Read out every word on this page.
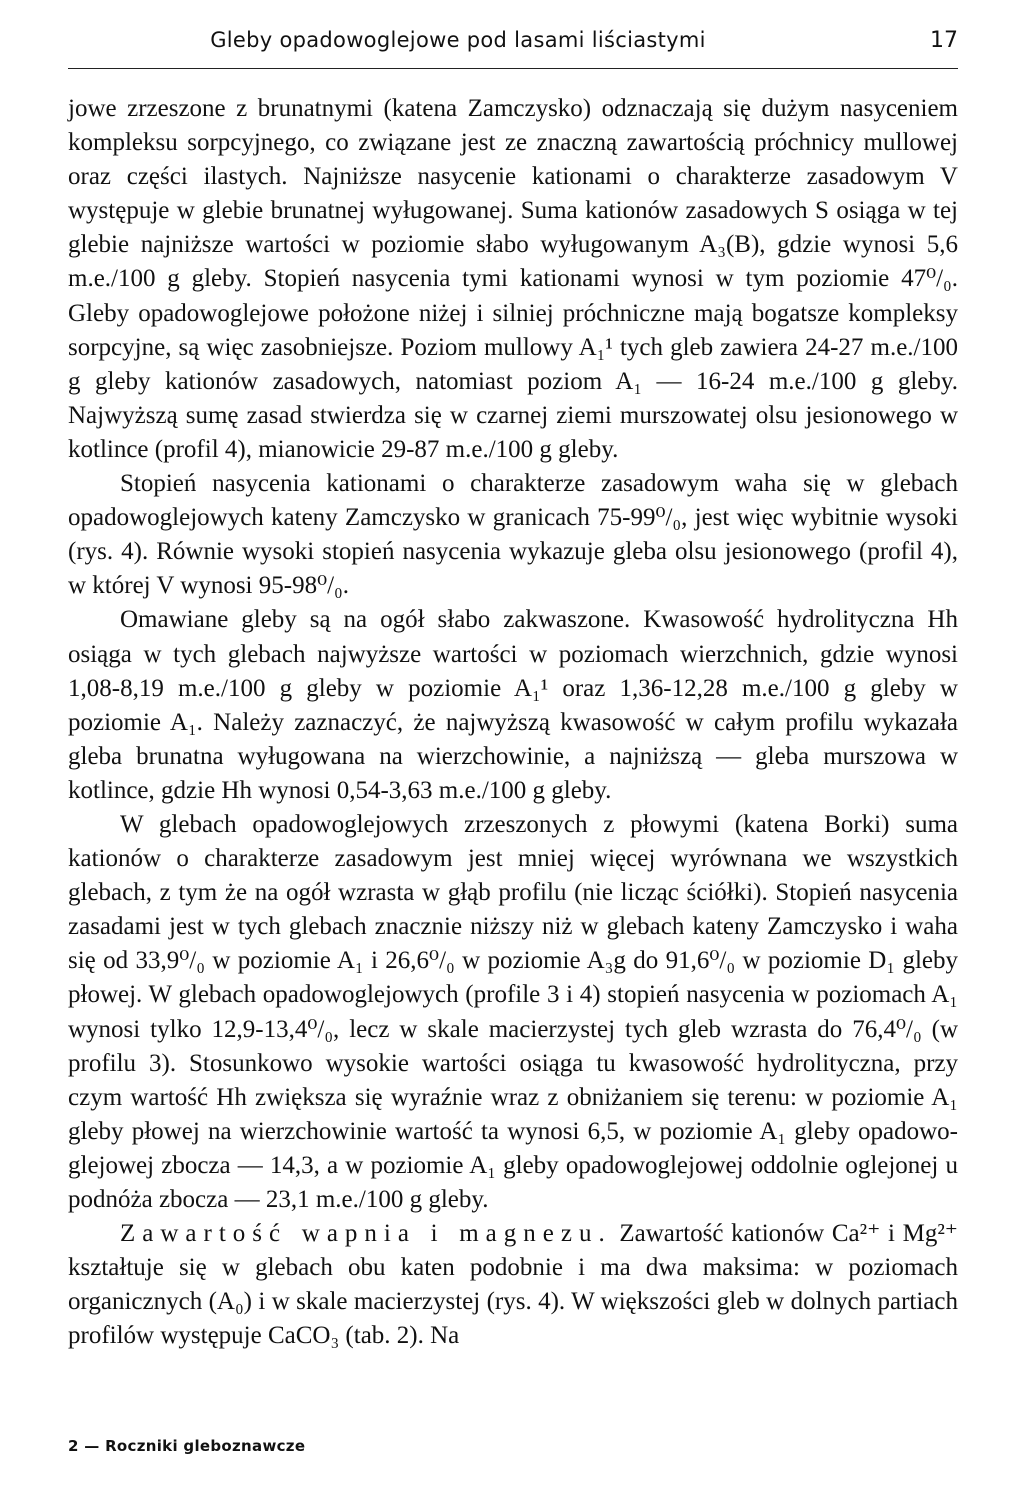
Gleby opadowoglejowe pod lasami liściastymi	17

jowe zrzeszone z brunatnymi (katena Zamczysko) odznaczają się dużym nasyceniem kompleksu sorpcyjnego, co związane jest ze znaczną zawartością próchnicy mullowej oraz części ilastych. Najniższe nasycenie kationami o charakterze zasadowym V występuje w glebie brunatnej wyługowanej. Suma kationów zasadowych S osiąga w tej glebie najniższe wartości w poziomie słabo wyługowanym A₃(B), gdzie wynosi 5,6 m.e./100 g gleby. Stopień nasycenia tymi kationami wynosi w tym poziomie 47⁰/₀. Gleby opadowoglejowe położone niżej i silniej próchniczne mają bogatsze kompleksy sorpcyjne, są więc zasobniejsze. Poziom mullowy A₁¹ tych gleb zawiera 24-27 m.e./100 g gleby kationów zasadowych, natomiast poziom A₁ — 16-24 m.e./100 g gleby. Najwyższą sumę zasad stwierdza się w czarnej ziemi murszowatej olsu jesionowego w kotlince (profil 4), mianowicie 29-87 m.e./100 g gleby.

Stopień nasycenia kationami o charakterze zasadowym waha się w glebach opadowoglejowych kateny Zamczysko w granicach 75-99⁰/₀, jest więc wybitnie wysoki (rys. 4). Równie wysoki stopień nasycenia wykazuje gleba olsu jesionowego (profil 4), w której V wynosi 95-98⁰/₀.

Omawiane gleby są na ogół słabo zakwaszone. Kwasowość hydrolityczna Hh osiąga w tych glebach najwyższe wartości w poziomach wierzchnich, gdzie wynosi 1,08-8,19 m.e./100 g gleby w poziomie A₁¹ oraz 1,36-12,28 m.e./100 g gleby w poziomie A₁. Należy zaznaczyć, że najwyższą kwasowość w całym profilu wykazała gleba brunatna wyługowana na wierzchowinie, a najniższą — gleba murszowa w kotlince, gdzie Hh wynosi 0,54-3,63 m.e./100 g gleby.

W glebach opadowoglejowych zrzeszonych z płowymi (katena Borki) suma kationów o charakterze zasadowym jest mniej więcej wyrównana we wszystkich glebach, z tym że na ogół wzrasta w głąb profilu (nie licząc ściółki). Stopień nasycenia zasadami jest w tych glebach znacznie niższy niż w glebach kateny Zamczysko i waha się od 33,9⁰/₀ w poziomie A₁ i 26,6⁰/₀ w poziomie A₃g do 91,6⁰/₀ w poziomie D₁ gleby płowej. W glebach opadowoglejowych (profile 3 i 4) stopień nasycenia w poziomach A₁ wynosi tylko 12,9-13,4⁰/₀, lecz w skale macierzystej tych gleb wzrasta do 76,4⁰/₀ (w profilu 3). Stosunkowo wysokie wartości osiąga tu kwasowość hydrolityczna, przy czym wartość Hh zwiększa się wyraźnie wraz z obniżaniem się terenu: w poziomie A₁ gleby płowej na wierzchowinie wartość ta wynosi 6,5, w poziomie A₁ gleby opadowoglejowej zbocza — 14,3, a w poziomie A₁ gleby opadowoglejowej oddolnie oglejonej u podnóża zbocza — 23,1 m.e./100 g gleby.

Zawartość wapnia i magnezu. Zawartość kationów Ca²⁺ i Mg²⁺ kształtuje się w glebach obu katen podobnie i ma dwa maksima: w poziomach organicznych (A₀) i w skale macierzystej (rys. 4). W większości gleb w dolnych partiach profilów występuje CaCO₃ (tab. 2). Na

2 — Roczniki gleboznawcze
